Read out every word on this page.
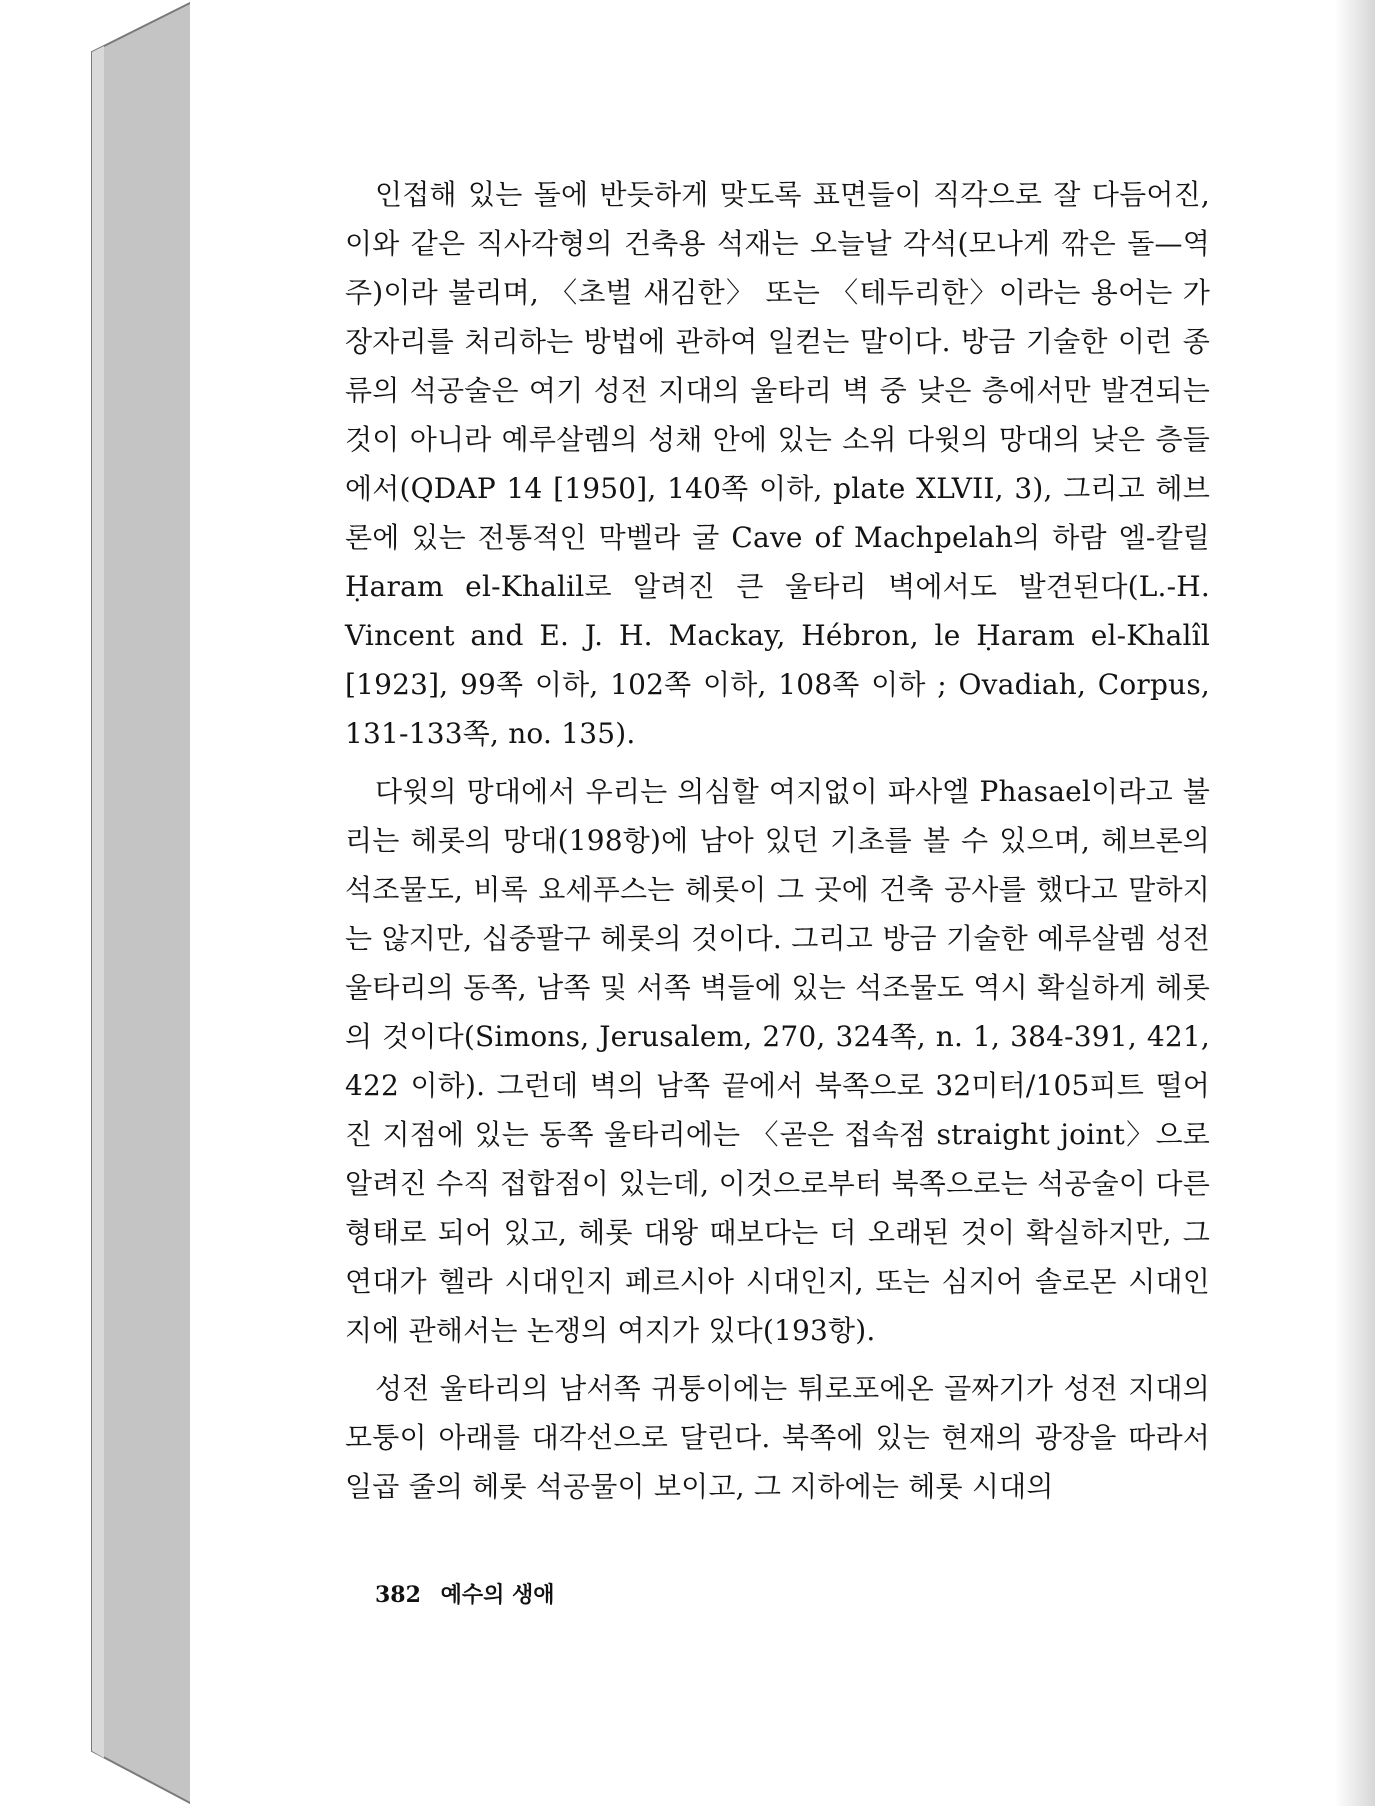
인접해 있는 돌에 반듯하게 맞도록 표면들이 직각으로 잘 다듬어진, 이와 같은 직사각형의 건축용 석재는 오늘날 각석(모나게 깎은 돌—역주)이라 불리며, 〈초벌 새김한〉 또는 〈테두리한〉이라는 용어는 가장자리를 처리하는 방법에 관하여 일컫는 말이다. 방금 기술한 이런 종류의 석공술은 여기 성전 지대의 울타리 벽 중 낮은 층에서만 발견되는 것이 아니라 예루살렘의 성채 안에 있는 소위 다윗의 망대의 낮은 층들에서(QDAP 14 [1950], 140쪽 이하, plate XLVII, 3), 그리고 헤브론에 있는 전통적인 막벨라 굴 Cave of Machpelah의 하람 엘-칼릴 Ḥaram el-Khalil로 알려진 큰 울타리 벽에서도 발견된다(L.-H. Vincent and E. J. H. Mackay, Hébron, le Ḥaram el-Khalîl [1923], 99쪽 이하, 102쪽 이하, 108쪽 이하 ; Ovadiah, Corpus, 131-133쪽, no. 135).

다윗의 망대에서 우리는 의심할 여지없이 파사엘 Phasael이라고 불리는 헤롯의 망대(198항)에 남아 있던 기초를 볼 수 있으며, 헤브론의 석조물도, 비록 요세푸스는 헤롯이 그 곳에 건축 공사를 했다고 말하지는 않지만, 십중팔구 헤롯의 것이다. 그리고 방금 기술한 예루살렘 성전 울타리의 동쪽, 남쪽 및 서쪽 벽들에 있는 석조물도 역시 확실하게 헤롯의 것이다(Simons, Jerusalem, 270, 324쪽, n. 1, 384-391, 421, 422 이하). 그런데 벽의 남쪽 끝에서 북쪽으로 32미터/105피트 떨어진 지점에 있는 동쪽 울타리에는 〈곧은 접속점 straight joint〉으로 알려진 수직 접합점이 있는데, 이것으로부터 북쪽으로는 석공술이 다른 형태로 되어 있고, 헤롯 대왕 때보다는 더 오래된 것이 확실하지만, 그 연대가 헬라 시대인지 페르시아 시대인지, 또는 심지어 솔로몬 시대인지에 관해서는 논쟁의 여지가 있다(193항).

성전 울타리의 남서쪽 귀퉁이에는 튀로포에온 골짜기가 성전 지대의 모퉁이 아래를 대각선으로 달린다. 북쪽에 있는 현재의 광장을 따라서 일곱 줄의 헤롯 석공물이 보이고, 그 지하에는 헤롯 시대의

382 예수의 생애
